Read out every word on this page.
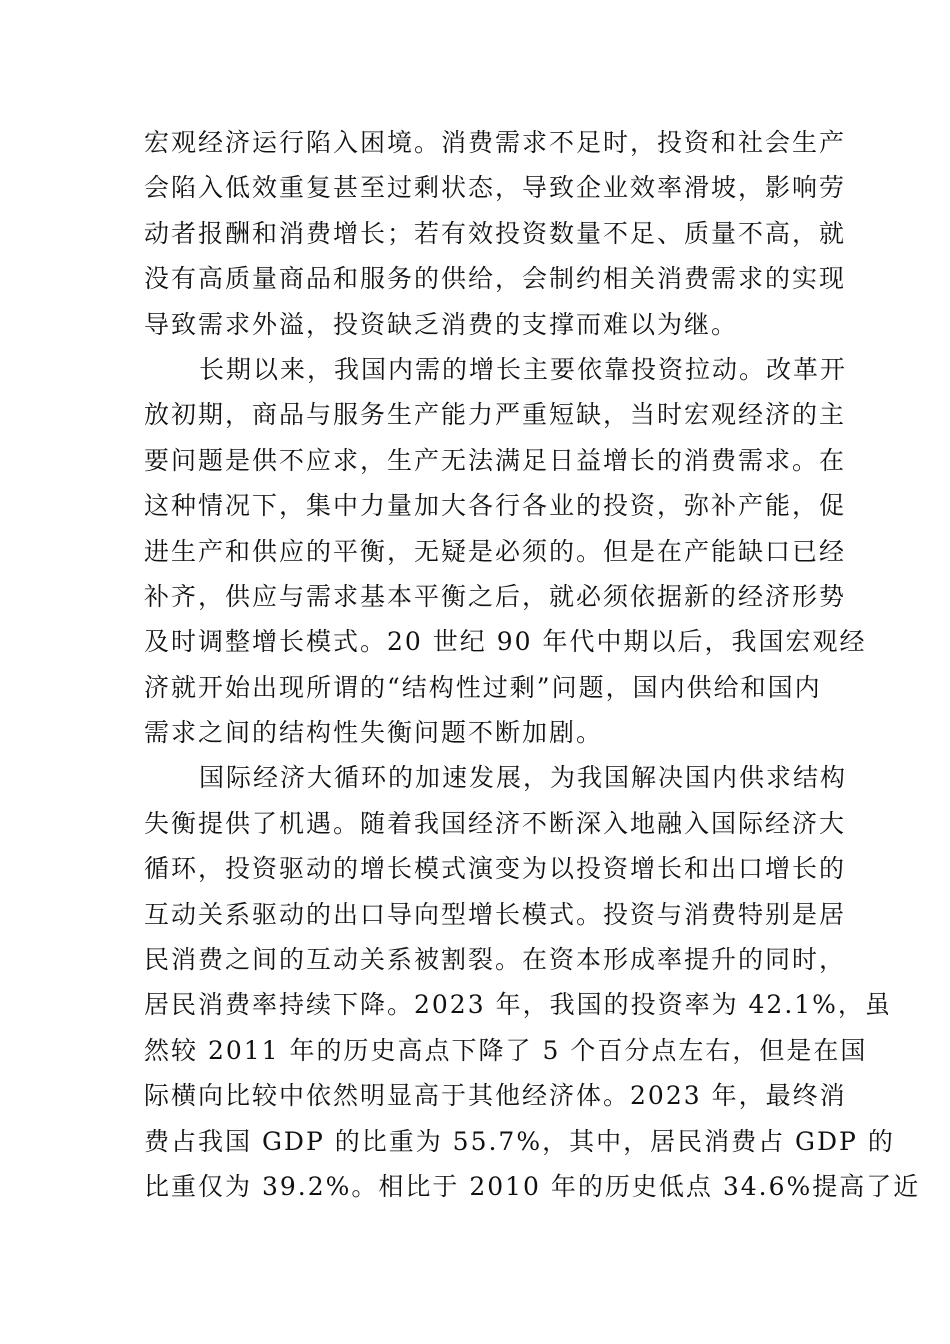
宏观经济运行陷入困境。消费需求不足时，投资和社会生产
会陷入低效重复甚至过剩状态，导致企业效率滑坡，影响劳
动者报酬和消费增长；若有效投资数量不足、质量不高，就
没有高质量商品和服务的供给，会制约相关消费需求的实现
导致需求外溢，投资缺乏消费的支撑而难以为继。
长期以来，我国内需的增长主要依靠投资拉动。改革开
放初期，商品与服务生产能力严重短缺，当时宏观经济的主
要问题是供不应求，生产无法满足日益增长的消费需求。在
这种情况下，集中力量加大各行各业的投资，弥补产能，促
进生产和供应的平衡，无疑是必须的。但是在产能缺口已经
补齐，供应与需求基本平衡之后，就必须依据新的经济形势
及时调整增长模式。20 世纪 90 年代中期以后，我国宏观经
济就开始出现所谓的“结构性过剩”问题，国内供给和国内
需求之间的结构性失衡问题不断加剧。
国际经济大循环的加速发展，为我国解决国内供求结构
失衡提供了机遇。随着我国经济不断深入地融入国际经济大
循环，投资驱动的增长模式演变为以投资增长和出口增长的
互动关系驱动的出口导向型增长模式。投资与消费特别是居
民消费之间的互动关系被割裂。在资本形成率提升的同时，
居民消费率持续下降。2023 年，我国的投资率为 42.1%，虽
然较 2011 年的历史高点下降了 5 个百分点左右，但是在国
际横向比较中依然明显高于其他经济体。2023 年，最终消
费占我国 GDP 的比重为 55.7%，其中，居民消费占 GDP 的
比重仅为 39.2%。相比于 2010 年的历史低点 34.6%提高了近
